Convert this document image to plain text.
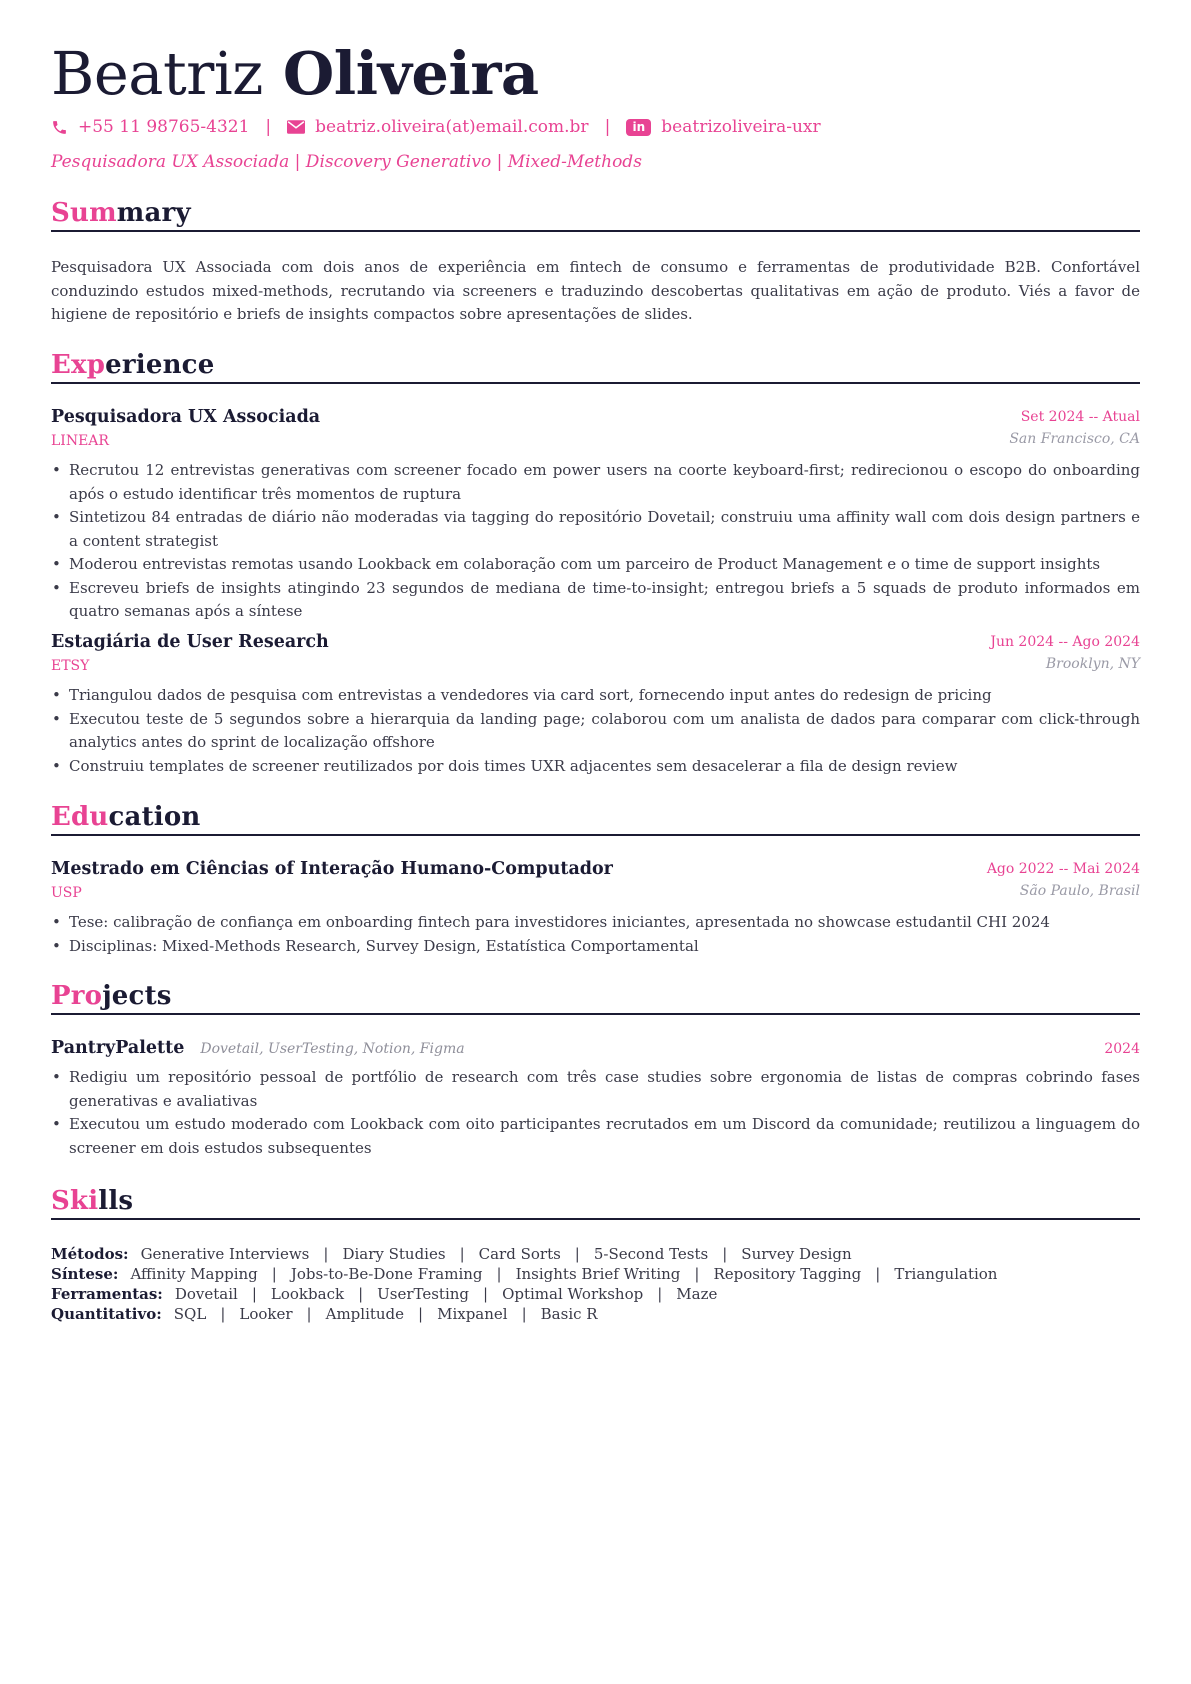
Beatriz Oliveira
+55 11 98765-4321 |	beatriz.oliveira(at)email.com.br |	in beatrizoliveira-uxr
Pesquisadora UX Associada | Discovery Generativo | Mixed-Methods
Summary

Pesquisadora UX Associada com dois anos de experiência em fintech de consumo e ferramentas de produtividade B2B. Confortável conduzindo estudos mixed-methods, recrutando via screeners e traduzindo descobertas qualitativas em ação de produto. Viés a favor de higiene de repositório e briefs de insights compactos sobre apresentações de slides.

Experience
Pesquisadora UX Associada	Set 2024 -- Atual
LINEAR	San Francisco, CA
• Recrutou 12 entrevistas generativas com screener focado em power users na coorte keyboard-first; redirecionou o escopo do onboarding após o estudo identificar três momentos de ruptura
• Sintetizou 84 entradas de diário não moderadas via tagging do repositório Dovetail; construiu uma affinity wall com dois design partners e a content strategist
• Moderou entrevistas remotas usando Lookback em colaboração com um parceiro de Product Management e o time de support insights
• Escreveu briefs de insights atingindo 23 segundos de mediana de time-to-insight; entregou briefs a 5 squads de produto informados em quatro semanas após a síntese
Estagiária de User Research	Jun 2024 -- Ago 2024
ETSY	Brooklyn, NY
• Triangulou dados de pesquisa com entrevistas a vendedores via card sort, fornecendo input antes do redesign de pricing
• Executou teste de 5 segundos sobre a hierarquia da landing page; colaborou com um analista de dados para comparar com click-through analytics antes do sprint de localização offshore
• Construiu templates de screener reutilizados por dois times UXR adjacentes sem desacelerar a fila de design review
Education
Mestrado em Ciências of Interação Humano-Computador	Ago 2022 -- Mai 2024
USP	São Paulo, Brasil
• Tese: calibração de confiança em onboarding fintech para investidores iniciantes, apresentada no showcase estudantil CHI 2024
• Disciplinas: Mixed-Methods Research, Survey Design, Estatística Comportamental
Projects
PantryPalette Dovetail, UserTesting, Notion, Figma	2024
• Redigiu um repositório pessoal de portfólio de research com três case studies sobre ergonomia de listas de compras cobrindo fases generativas e avaliativas
• Executou um estudo moderado com Lookback com oito participantes recrutados em um Discord da comunidade; reutilizou a linguagem do screener em dois estudos subsequentes
Skills
Métodos: Generative Interviews | Diary Studies | Card Sorts | 5-Second Tests | Survey Design
Síntese: Affinity Mapping | Jobs-to-Be-Done Framing | Insights Brief Writing | Repository Tagging | Triangulation
Ferramentas: Dovetail | Lookback | UserTesting | Optimal Workshop | Maze
Quantitativo: SQL | Looker | Amplitude | Mixpanel | Basic R
